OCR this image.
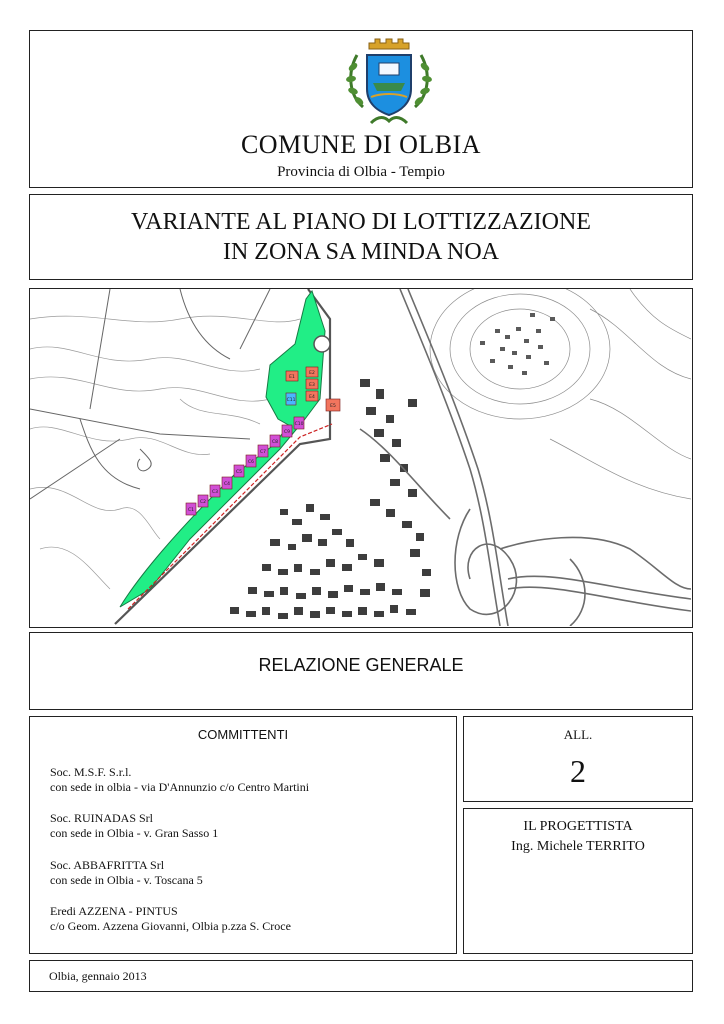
COMUNE DI OLBIA
Provincia di Olbia - Tempio
VARIANTE AL PIANO DI LOTTIZZAZIONE
IN ZONA SA MINDA NOA
E1
E2
E3
E4
E5
C1
C2
C3
C4
C5
C6
C7
C8
C9
C10
C11
RELAZIONE GENERALE
COMMITTENTI
Soc. M.S.F. S.r.l.
con sede in olbia - via D'Annunzio c/o Centro Martini
Soc. RUINADAS Srl
con sede in Olbia - v. Gran Sasso 1
Soc. ABBAFRITTA Srl
con sede in Olbia - v. Toscana 5
Eredi AZZENA - PINTUS
c/o Geom. Azzena Giovanni, Olbia p.zza S. Croce
ALL.
2
IL PROGETTISTA
Ing. Michele TERRITO
Olbia, gennaio 2013
